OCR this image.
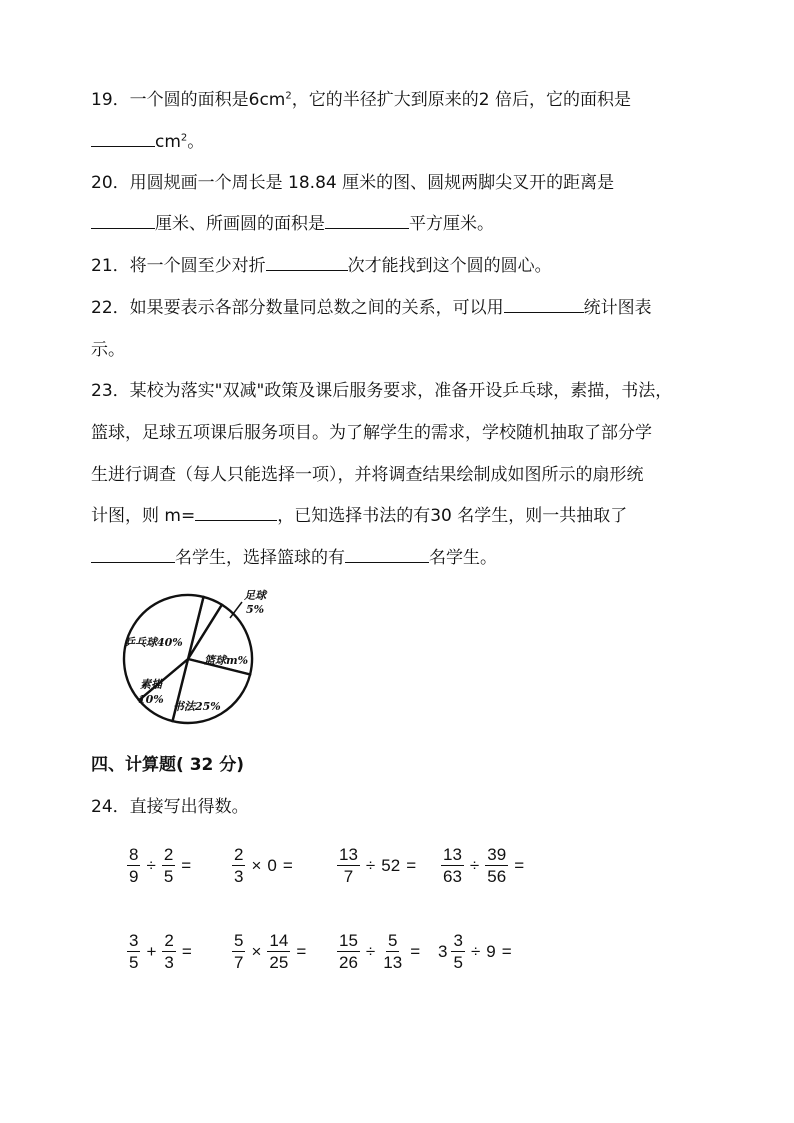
19．一个圆的面积是$6cm^2$，它的半径扩大到原来的2 倍后，它的面积是
$cm^2$。
20．用圆规画一个周长是 18.84 厘米的图、圆规两脚尖叉开的距离是
厘米、所画圆的面积是	平方厘米。
21．将一个圆至少对折	次才能找到这个圆的圆心。
22．如果要表示各部分数量同总数之间的关系，可以用	统计图表
示。
23．某校为落实"双减"政策及课后服务要求，准备开设乒乓球，素描，书法，
篮球，足球五项课后服务项目。为了解学生的需求，学校随机抽取了部分学
生进行调查（每人只能选择一项），并将调查结果绘制成如图所示的扇形统
计图，则 m=	，已知选择书法的有30 名学生，则一共抽取了
名学生，选择篮球的有	名学生。
足球
5%
篮球m%
书法25%
素描
10%
乒乓球40%
四、计算题( 32 分)
24．直接写出得数。
$\frac{8}{9} \div \frac{2}{5} = \frac{2}{3} \times 0$ =	$\frac{13}{7} \div 52 = \frac{13}{63} \div \frac{39}{56}$ =
$\frac{3}{5} + \frac{2}{3} = \frac{5}{7} \times \frac{14}{25} = \frac{15}{26} \div \frac{5}{13} = 3 \frac{3}{5} \div 9$ =
